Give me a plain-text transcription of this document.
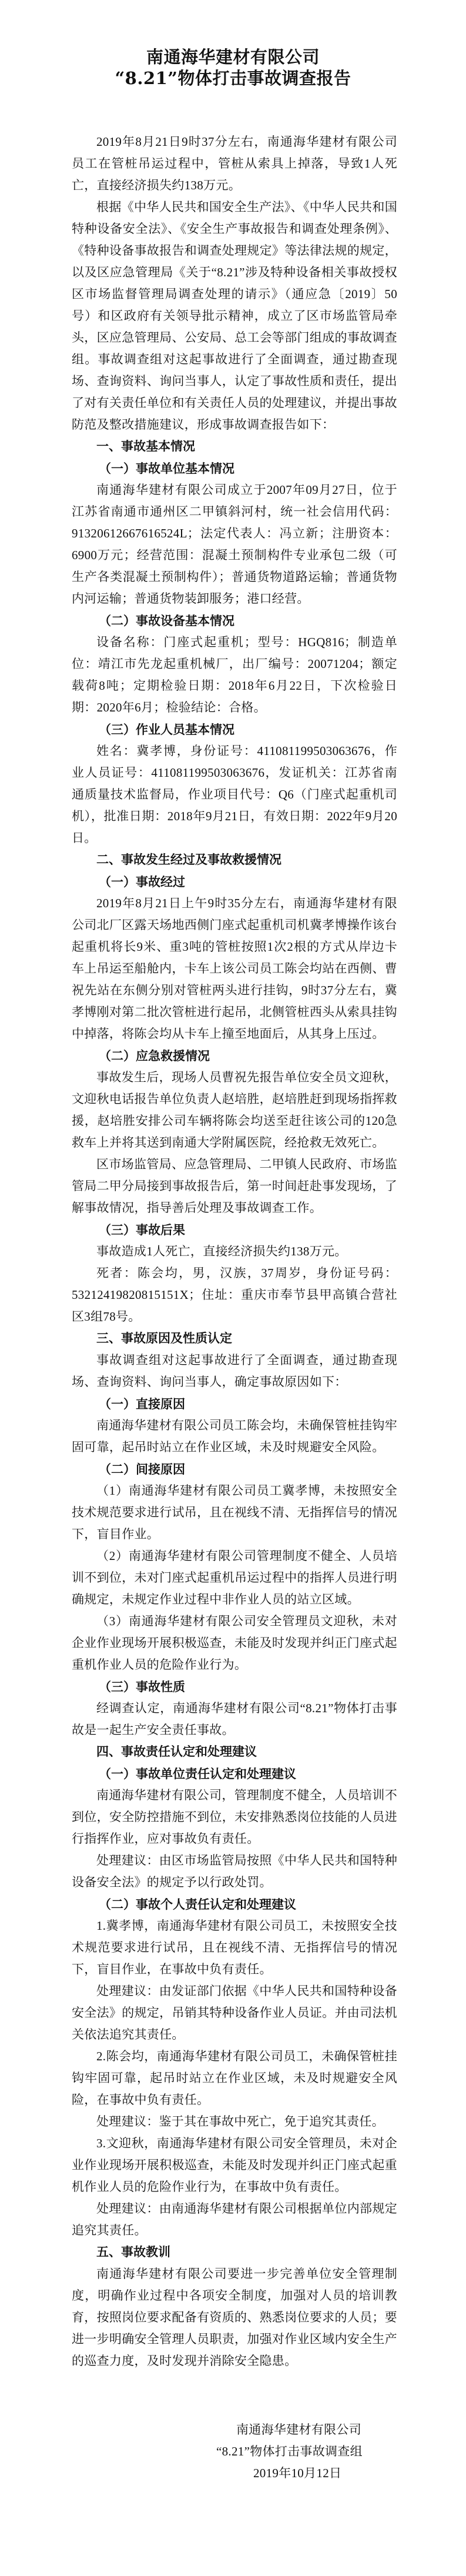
南通海华建材有限公司
“8.21”物体打击事故调查报告

2019年8月21日9时37分左右，南通海华建材有限公司员工在管桩吊运过程中，管桩从索具上掉落，导致1人死亡，直接经济损失约138万元。

根据《中华人民共和国安全生产法》、《中华人民共和国特种设备安全法》、《安全生产事故报告和调查处理条例》、《特种设备事故报告和调查处理规定》等法律法规的规定，以及区应急管理局《关于“8.21”涉及特种设备相关事故授权区市场监督管理局调查处理的请示》（通应急〔2019〕50号）和区政府有关领导批示精神，成立了区市场监管局牵头，区应急管理局、公安局、总工会等部门组成的事故调查组。事故调查组对这起事故进行了全面调查，通过勘查现场、查询资料、询问当事人，认定了事故性质和责任，提出了对有关责任单位和有关责任人员的处理建议，并提出事故防范及整改措施建议，形成事故调查报告如下：

一、事故基本情况
（一）事故单位基本情况

南通海华建材有限公司成立于2007年09月27日，位于江苏省南通市通州区二甲镇斜河村，统一社会信用代码：91320612667616524L；法定代表人：冯立新；注册资本：6900万元；经营范围：混凝土预制构件专业承包二级（可生产各类混凝土预制构件）；普通货物道路运输；普通货物内河运输；普通货物装卸服务；港口经营。

（二）事故设备基本情况

设备名称：门座式起重机；型号：HGQ816；制造单位：靖江市先龙起重机械厂，出厂编号：20071204；额定载荷8吨；定期检验日期：2018年6月22日，下次检验日期：2020年6月；检验结论：合格。

（三）作业人员基本情况

姓名：冀孝博，身份证号：411081199503063676，作业人员证号：411081199503063676，发证机关：江苏省南通质量技术监督局，作业项目代号：Q6（门座式起重机司机），批准日期：2018年9月21日，有效日期：2022年9月20日。

二、事故发生经过及事故救援情况
（一）事故经过

2019年8月21日上午9时35分左右，南通海华建材有限公司北厂区露天场地西侧门座式起重机司机冀孝博操作该台起重机将长9米、重3吨的管桩按照1次2根的方式从岸边卡车上吊运至船舱内，卡车上该公司员工陈会均站在西侧、曹祝先站在东侧分别对管桩两头进行挂钩，9时37分左右，冀孝博刚对第二批次管桩进行起吊，北侧管桩西头从索具挂钩中掉落，将陈会均从卡车上撞至地面后，从其身上压过。

（二）应急救援情况

事故发生后，现场人员曹祝先报告单位安全员文迎秋，文迎秋电话报告单位负责人赵培胜，赵培胜赶到现场指挥救援，赵培胜安排公司车辆将陈会均送至赶往该公司的120急救车上并将其送到南通大学附属医院，经抢救无效死亡。

区市场监管局、应急管理局、二甲镇人民政府、市场监管局二甲分局接到事故报告后，第一时间赶赴事发现场，了解事故情况，指导善后处理及事故调查工作。

（三）事故后果

事故造成1人死亡，直接经济损失约138万元。

死者：陈会均，男，汉族，37周岁，身份证号码：53212419820815151X；住址：重庆市奉节县甲高镇合营社区3组78号。

三、事故原因及性质认定

事故调查组对这起事故进行了全面调查，通过勘查现场、查询资料、询问当事人，确定事故原因如下：

（一）直接原因

南通海华建材有限公司员工陈会均，未确保管桩挂钩牢固可靠，起吊时站立在作业区域，未及时规避安全风险。

（二）间接原因

（1）南通海华建材有限公司员工冀孝博，未按照安全技术规范要求进行试吊，且在视线不清、无指挥信号的情况下，盲目作业。

（2）南通海华建材有限公司管理制度不健全、人员培训不到位，未对门座式起重机吊运过程中的指挥人员进行明确规定，未规定作业过程中非作业人员的站立区域。

（3）南通海华建材有限公司安全管理员文迎秋，未对企业作业现场开展积极巡查，未能及时发现并纠正门座式起重机作业人员的危险作业行为。

（三）事故性质

经调查认定，南通海华建材有限公司“8.21”物体打击事故是一起生产安全责任事故。

四、事故责任认定和处理建议
（一）事故单位责任认定和处理建议

南通海华建材有限公司，管理制度不健全，人员培训不到位，安全防控措施不到位，未安排熟悉岗位技能的人员进行指挥作业，应对事故负有责任。

处理建议：由区市场监管局按照《中华人民共和国特种设备安全法》的规定予以行政处罚。

（二）事故个人责任认定和处理建议

1.冀孝博，南通海华建材有限公司员工，未按照安全技术规范要求进行试吊，且在视线不清、无指挥信号的情况下，盲目作业，在事故中负有责任。

处理建议：由发证部门依据《中华人民共和国特种设备安全法》的规定，吊销其特种设备作业人员证。并由司法机关依法追究其责任。

2.陈会均，南通海华建材有限公司员工，未确保管桩挂钩牢固可靠，起吊时站立在作业区域，未及时规避安全风险，在事故中负有责任。

处理建议：鉴于其在事故中死亡，免于追究其责任。

3.文迎秋，南通海华建材有限公司安全管理员，未对企业作业现场开展积极巡查，未能及时发现并纠正门座式起重机作业人员的危险作业行为，在事故中负有责任。

处理建议：由南通海华建材有限公司根据单位内部规定追究其责任。

五、事故教训

南通海华建材有限公司要进一步完善单位安全管理制度，明确作业过程中各项安全制度，加强对人员的培训教育，按照岗位要求配备有资质的、熟悉岗位要求的人员；要进一步明确安全管理人员职责，加强对作业区域内安全生产的巡查力度，及时发现并消除安全隐患。

南通海华建材有限公司
“8.21”物体打击事故调查组
2019年10月12日
